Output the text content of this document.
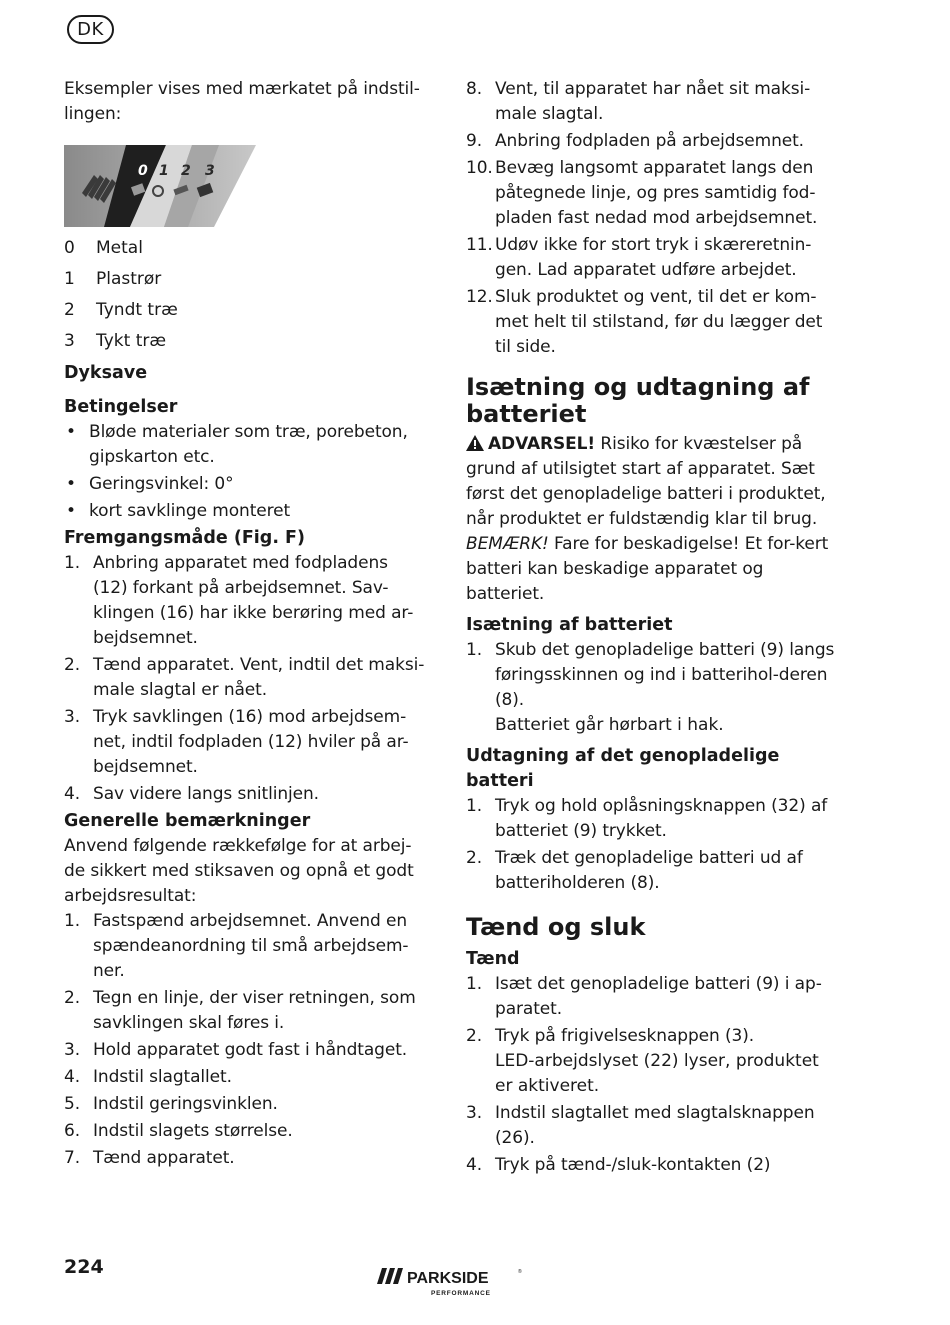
DK

Eksempler vises med mærkatet på indstil-
lingen:

0 1 2 3
0	Metal
1	Plastrør
2	Tyndt træ
3	Tykt træ
Dyksave
Betingelser
• Bløde materialer som træ, porebeton, gipskarton etc.
• Geringsvinkel: 0°
• kort savklinge monteret
Fremgangsmåde (Fig. F)
1. Anbring apparatet med fodpladens (12) forkant på arbejdsemnet. Sav-klingen (16) har ikke berøring med ar-bejdsemnet.
2. Tænd apparatet. Vent, indtil det maksi-male slagtal er nået.
3. Tryk savklingen (16) mod arbejdsem-net, indtil fodpladen (12) hviler på ar-bejdsemnet.
4. Sav videre langs snitlinjen.
Generelle bemærkninger

Anvend følgende rækkefølge for at arbej-de sikkert med stiksaven og opnå et godt arbejdsresultat:

1. Fastspænd arbejdsemnet. Anvend en spændeanordning til små arbejdsem-ner.
2. Tegn en linje, der viser retningen, som savklingen skal føres i.
3. Hold apparatet godt fast i håndtaget.
4. Indstil slagtallet.
5. Indstil geringsvinklen.
6. Indstil slagets størrelse.
7. Tænd apparatet.
8. Vent, til apparatet har nået sit maksi-male slagtal.
9. Anbring fodpladen på arbejdsemnet.
10. Bevæg langsomt apparatet langs den påtegnede linje, og pres samtidig fod-pladen fast nedad mod arbejdsemnet.
11. Udøv ikke for stort tryk i skæreretnin-gen. Lad apparatet udføre arbejdet.
12. Sluk produktet og vent, til det er kom-met helt til stilstand, før du lægger det til side.
Isætning og udtagning af batteriet

ADVARSEL! Risiko for kvæstelser på grund af utilsigtet start af apparatet. Sæt først det genopladelige batteri i produktet, når produktet er fuldstændig klar til brug.

BEMÆRK! Fare for beskadigelse! Et for-kert batteri kan beskadige apparatet og batteriet.

Isætning af batteriet
1. Skub det genopladelige batteri (9) langs føringsskinnen og ind i batterihol-deren (8).
Batteriet går hørbart i hak.
Udtagning af det genopladelige batteri
1. Tryk og hold oplåsningsknappen (32) af batteriet (9) trykket.
2. Træk det genopladelige batteri ud af batteriholderen (8).
Tænd og sluk
Tænd
1. Isæt det genopladelige batteri (9) i ap-paratet.
2. Tryk på frigivelsesknappen (3).
LED-arbejdslyset (22) lyser, produktet er aktiveret.
3. Indstil slagtallet med slagtalsknappen (26).
4. Tryk på tænd-/sluk-kontakten (2)
224
PARKSIDE	®
PERFORMANCE
